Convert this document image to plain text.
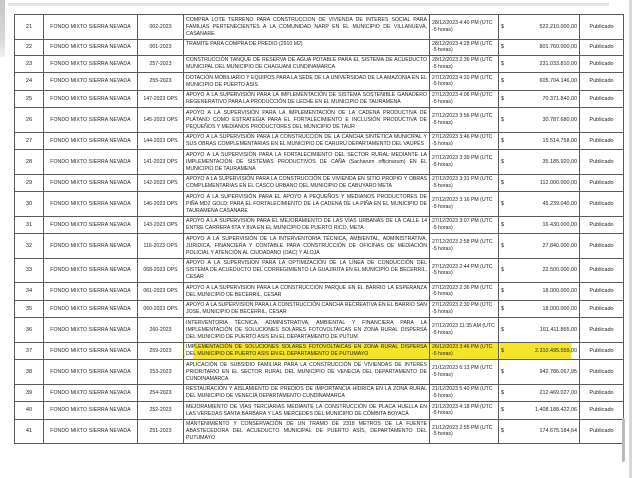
21	FONDO MIXTO SIERRA NEVADA	002-2023	COMPRA LOTE TERRENO PARA CONSTRUCCION DE VIVIENDA DE INTERES SOCIAL PARA FAMILIAS PERTENECIENTES A LA COMUNIDAD NARP EN EL MUNICIPIO DE VILLANUEVA, CASANARE	28/12/2023 4:40 PM (UTC -5 horas)	$ 522.210.000,00	Publicado
22	FONDO MIXTO SIERRA NEVADA	001-2023	TRAMITE PARA COMPRA DE PREDIO (2910 M2)	28/12/2023 4:28 PM (UTC -5 horas)	$ 801.760.000,00	Publicado
23	FONDO MIXTO SIERRA NEVADA	257-2023	CONSTRUCCIÓN TANQUE DE RESERVA DE AGUA POTABLE PARA EL SISTEMA DE ACUEDUCTO MUNICIPAL DEL MUNICIPIO DE CHAGUANI CUNDINAMARCA	28/12/2023 2:36 PM (UTC -5 horas)	$ 231.033.810,00	Publicado
24	FONDO MIXTO SIERRA NEVADA	255-2023	DOTACIÓN MOBILIARIO Y EQUIPOS PARA LA SEDE DE LA UNIVERSIDAD DE LA AMAZONIA EN EL MUNICIPIO DE PUERTO ASÍS	27/12/2023 4:20 PM (UTC -5 horas)	$ 605.704.146,00	Publicado
25	FONDO MIXTO SIERRA NEVADA	147-2023 OPS	APOYO A LA SUPERVISIÓN PARA LA IMPLEMENTACIÓN DE SISTEMA SOSTENIBLE GANADERO REGENERATIVO PARA LA PRODUCCIÓN DE LECHE EN EL MUNICIPIO DE TAURAMENA	27/12/2023 4:06 PM (UTC -5 horas)	$ 70.371.840,00	Publicado
26	FONDO MIXTO SIERRA NEVADA	145-2023 OPS	APOYO A LA SUPERVISIÓN PARA LA IMPLEMENTACIÓN DE LA CADENA PRODUCTIVA DE PLÁTANO COMO ESTRATEGIA PARA EL FORTALECIMIENTO E INCLUSIÓN PRODUCTIVA DE PEQUEÑOS Y MEDIANOS PRODUCTORES DEL MUNICIPIO DE TAUR	27/12/2023 3:56 PM (UTC -5 horas)	$ 30.787.680,00	Publicado
27	FONDO MIXTO SIERRA NEVADA	144-2023 OPS	APOYO A LA SUPERVISIÓN PARA LA CONSTRUCCIÓN DE LA CANCHA SINTÉTICA MUNICIPAL Y SUS OBRAS COMPLEMENTARIAS EN EL MUNICIPIO DE CARURÚ DEPARTAMENTO DEL VAUPÉS	27/12/2023 3:46 PM (UTC -5 horas)	$ 15.514.758,00	Publicado
28	FONDO MIXTO SIERRA NEVADA	141-2023 OPS	APOYO A LA SUPERVISIÓN PARA LA FORTALECIMIENTO DEL SECTOR RURAL MEDIANTE LA IMPLEMENTACIÓN DE SISTEMAS PRODUCTIVOS DE CAÑA (Sacharum officinarum) EN EL MUNICIPIO DE TAURAMENA	27/12/2023 3:39 PM (UTC -5 horas)	$ 35.185.920,00	Publicado
29	FONDO MIXTO SIERRA NEVADA	142-2023 OPS	APOYO A LA SUPERVISIÓN PARA LA CONSTRUCCIÓN DE VIVIENDA EN SITIO PROPIO Y OBRAS COMPLEMENTARIAS EN EL CASCO URBANO DEL MUNICIPIO DE CABUYARO META	27/12/2023 3:31 PM (UTC -5 horas)	$ 112.000.000,00	Publicado
30	FONDO MIXTO SIERRA NEVADA	146-2023 OPS	APOYO A LA SUPERVISIÓN PARA EL APOYO A PEQUEÑOS Y MEDIANOS PRODUCTORES DE PIÑA MD2 GOLD: PARA EL FORTALECIMIENTO DE LA CADENA DE LA PIÑA EN EL MUNICIPIO DE TAURAMENA CASANARE	27/12/2023 3:16 PM (UTC -5 horas)	$ 45.239.040,00	Publicado
31	FONDO MIXTO SIERRA NEVADA	143-2023 OPS	APOYO A LA SUPERVISIÓN PARA EL MEJORAMIENTO DE LAS VÍAS URBANAS DE LA CALLE 14 ENTRE CARRERA 6TA Y 8VA EN EL MUNICIPIO DE PUERTO RICO, META	27/12/2023 3:07 PM (UTC -5 horas)	$ 16.430.000,00	Publicado
32	FONDO MIXTO SIERRA NEVADA	116-2023 OPS	APOYO A LA SUPERVISIÓN DE LA INTERVENTORIA TÉCNICA, AMBIENTAL, ADMINISTRATIVA, JURIDICA, FINANCIERA Y CONTABLE PARA CONSTRUCCIÓN DE OFICINAS DE MEDIACIÓN POLICIAL Y ATENCIÓN AL CIUDADANO (OAC) Y ALOJA	27/12/2023 2:58 PM (UTC -5 horas)	$ 27.840.000,00	Publicado
33	FONDO MIXTO SIERRA NEVADA	068-2023 OPS	APOYO A LA SUPERVISION PARA LA OPTIMIZACIÓN DE LA LÍNEA DE CONDUCCIÓN DEL SISTEMA DE ACUEDUCTO DEL CORREGIMIENTO LA GUAJIRITA EN EL MUNICIPIO DE BECERRIL, CESAR	27/12/2023 2:44 PM (UTC -5 horas)	$ 22.500.000,00	Publicado
34	FONDO MIXTO SIERRA NEVADA	061-2023 OPS	APOYO A LA SUPERVISION PARA LA CONSTRUCCIÓN PARQUE EN EL BARRIO LA ESPERANZA DEL MUNICIPIO DE BECERRIL, CESAR	27/12/2023 2:36 PM (UTC -5 horas)	$ 18.000.000,00	Publicado
35	FONDO MIXTO SIERRA NEVADA	060-2023 OPS	APOYO A LA SUPERVISION PARA LA CONSTRUCCIÓN CANCHA RECREATIVA EN EL BARRIO SAN JOSE, MUNICIPIO DE BECERRIL, CESAR	27/12/2023 2:30 PM (UTC -5 horas)	$ 18.000.000,00	Publicado
36	FONDO MIXTO SIERRA NEVADA	260-2023	INTERVENTORIA TÉCNICA, ADMINISTRATIVA, AMBIENTAL Y FINANCIERA PARA LA IMPLEMENTACIÓN DE SOLUCIONES SOLARES FOTOVOLTAICAS EN ZONA RURAL DISPERSA DEL MUNICIPIO DE PUERTO ASIS EN EL DEPARTAMENTO DE PUTUM	27/12/2023 11:35 AM (UTC -5 horas)	$ 161.411.865,00	Publicado
37	FONDO MIXTO SIERRA NEVADA	259-2023	IMPLEMENTACIÓN DE SOLUCIONES SOLARES FOTOVOLTAICAS EN ZONA RURAL DISPERSA DEL MUNICIPIO DE PUERTO ASIS EN EL DEPARTAMENTO DE PUTUMAYO	26/12/2023 3:46 PM (UTC -5 horas)	$ 2.310.495.559,00	Publicado
38	FONDO MIXTO SIERRA NEVADA	253-2023	APLICACIÓN DE SUBSIDIO FAMILIAR PARA LA CONSTRUCCIÓN DE VIVIENDAS DE INTERÉS PRIORITARIO EN EL SECTOR RURAL DEL MUNICIPIO DE VENECIA DEL DEPARTAMENTO DE CUNDINAMARCA	21/12/2023 6:13 PM (UTC -5 horas)	$ 942.786.067,95	Publicado
39	FONDO MIXTO SIERRA NEVADA	254-2023	RESTAURACIÓN Y AISLAMIENTO DE PREDIOS DE IMPORTANCIA HÍDRICA EN LA ZONA RURAL DEL MUNICIPIO DE VENECIA DEPARTAMENTO CUNDINAMARCA	21/12/2023 5:40 PM (UTC -5 horas)	$ 212.469.027,00	Publicado
40	FONDO MIXTO SIERRA NEVADA	252-2023	MEJORAMIENTO DE VÍAS TERCIARIAS MEDIANTE LA CONSTRUCCIÓN DE PLACA HUELLA EN LAS VEREDAS SANTA BÁRBARA Y LAS MERCEDES DEL MUNICIPIO DE CÓMBITA BOYACÁ	21/12/2023 4:18 PM (UTC -5 horas)	$ 1.408.188.422,06	Publicado
41	FONDO MIXTO SIERRA NEVADA	251-2023	MANTENIMIENTO Y CONSERVACIÓN DE UN TRAMO DE 2318 METROS DE LA FUENTE ABASTECEDORA DEL ACUEDUCTO MUNICIPAL DE PUERTO ASÍS, DEPARTAMENTO DEL PUTUMAYO	21/12/2023 2:55 PM (UTC -5 horas)	$ 174.675.184,64	Publicado
